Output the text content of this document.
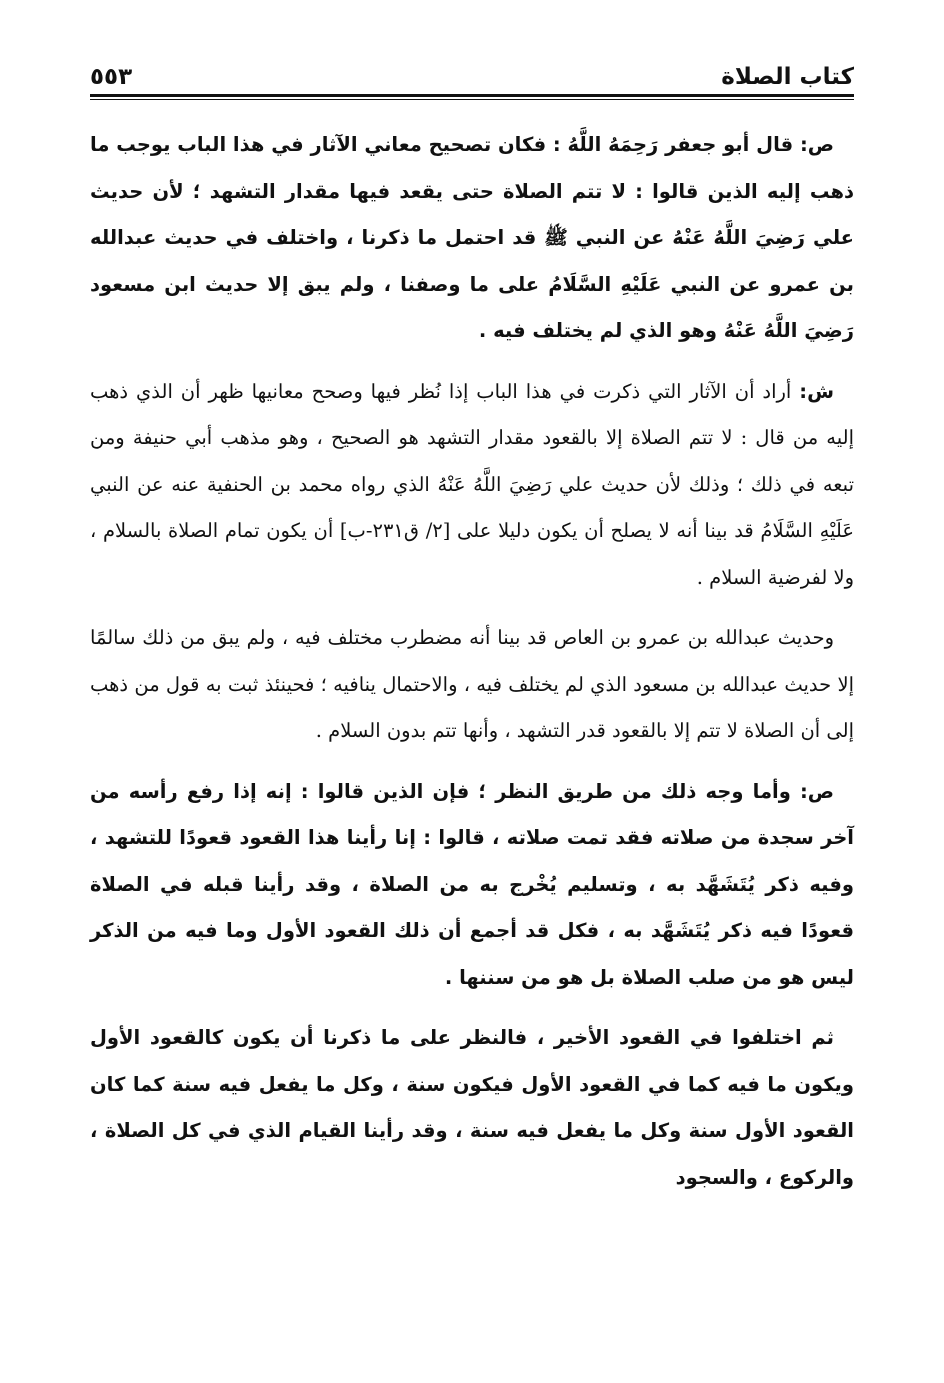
كتاب الصلاة
٥٥٣

ص: قال أبو جعفر رَحِمَهُ اللَّهُ : فكان تصحيح معاني الآثار في هذا الباب يوجب ما ذهب إليه الذين قالوا : لا تتم الصلاة حتى يقعد فيها مقدار التشهد ؛ لأن حديث علي رَضِيَ اللَّهُ عَنْهُ عن النبي ﷺ قد احتمل ما ذكرنا ، واختلف في حديث عبدالله بن عمرو عن النبي عَلَيْهِ السَّلَامُ على ما وصفنا ، ولم يبق إلا حديث ابن مسعود رَضِيَ اللَّهُ عَنْهُ وهو الذي لم يختلف فيه .

ش: أراد أن الآثار التي ذكرت في هذا الباب إذا نُظر فيها وصحح معانيها ظهر أن الذي ذهب إليه من قال : لا تتم الصلاة إلا بالقعود مقدار التشهد هو الصحيح ، وهو مذهب أبي حنيفة ومن تبعه في ذلك ؛ وذلك لأن حديث علي رَضِيَ اللَّهُ عَنْهُ الذي رواه محمد بن الحنفية عنه عن النبي عَلَيْهِ السَّلَامُ قد بينا أنه لا يصلح أن يكون دليلا على [٢/ ق٢٣١-ب] أن يكون تمام الصلاة بالسلام ، ولا لفرضية السلام .

وحديث عبدالله بن عمرو بن العاص قد بينا أنه مضطرب مختلف فيه ، ولم يبق من ذلك سالمًا إلا حديث عبدالله بن مسعود الذي لم يختلف فيه ، والاحتمال ينافيه ؛ فحينئذ ثبت به قول من ذهب إلى أن الصلاة لا تتم إلا بالقعود قدر التشهد ، وأنها تتم بدون السلام .

ص: وأما وجه ذلك من طريق النظر ؛ فإن الذين قالوا : إنه إذا رفع رأسه من آخر سجدة من صلاته فقد تمت صلاته ، قالوا : إنا رأينا هذا القعود قعودًا للتشهد ، وفيه ذكر يُتَشَهَّد به ، وتسليم يُخْرج به من الصلاة ، وقد رأينا قبله في الصلاة قعودًا فيه ذكر يُتَشَهَّد به ، فكل قد أجمع أن ذلك القعود الأول وما فيه من الذكر ليس هو من صلب الصلاة بل هو من سننها .

ثم اختلفوا في القعود الأخير ، فالنظر على ما ذكرنا أن يكون كالقعود الأول ويكون ما فيه كما في القعود الأول فيكون سنة ، وكل ما يفعل فيه سنة كما كان القعود الأول سنة وكل ما يفعل فيه سنة ، وقد رأينا القيام الذي في كل الصلاة ، والركوع ، والسجود
